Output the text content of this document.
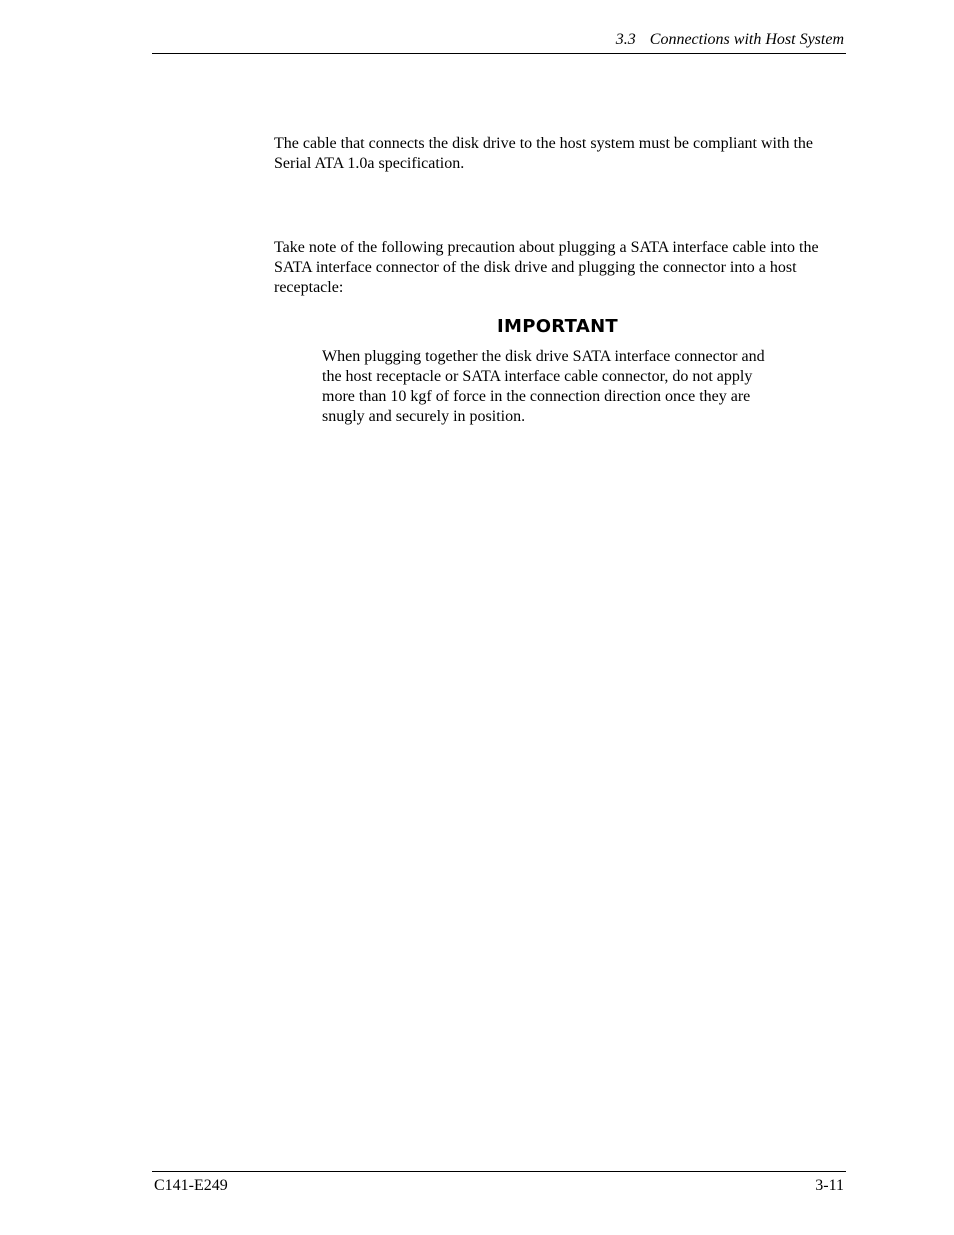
3.3 Connections with Host System

The cable that connects the disk drive to the host system must be compliant with the Serial ATA 1.0a specification.

Take note of the following precaution about plugging a SATA interface cable into the SATA interface connector of the disk drive and plugging the connector into a host receptacle:

IMPORTANT

When plugging together the disk drive SATA interface connector and the host receptacle or SATA interface cable connector, do not apply more than 10 kgf of force in the connection direction once they are snugly and securely in position.

C141-E249	3-11
